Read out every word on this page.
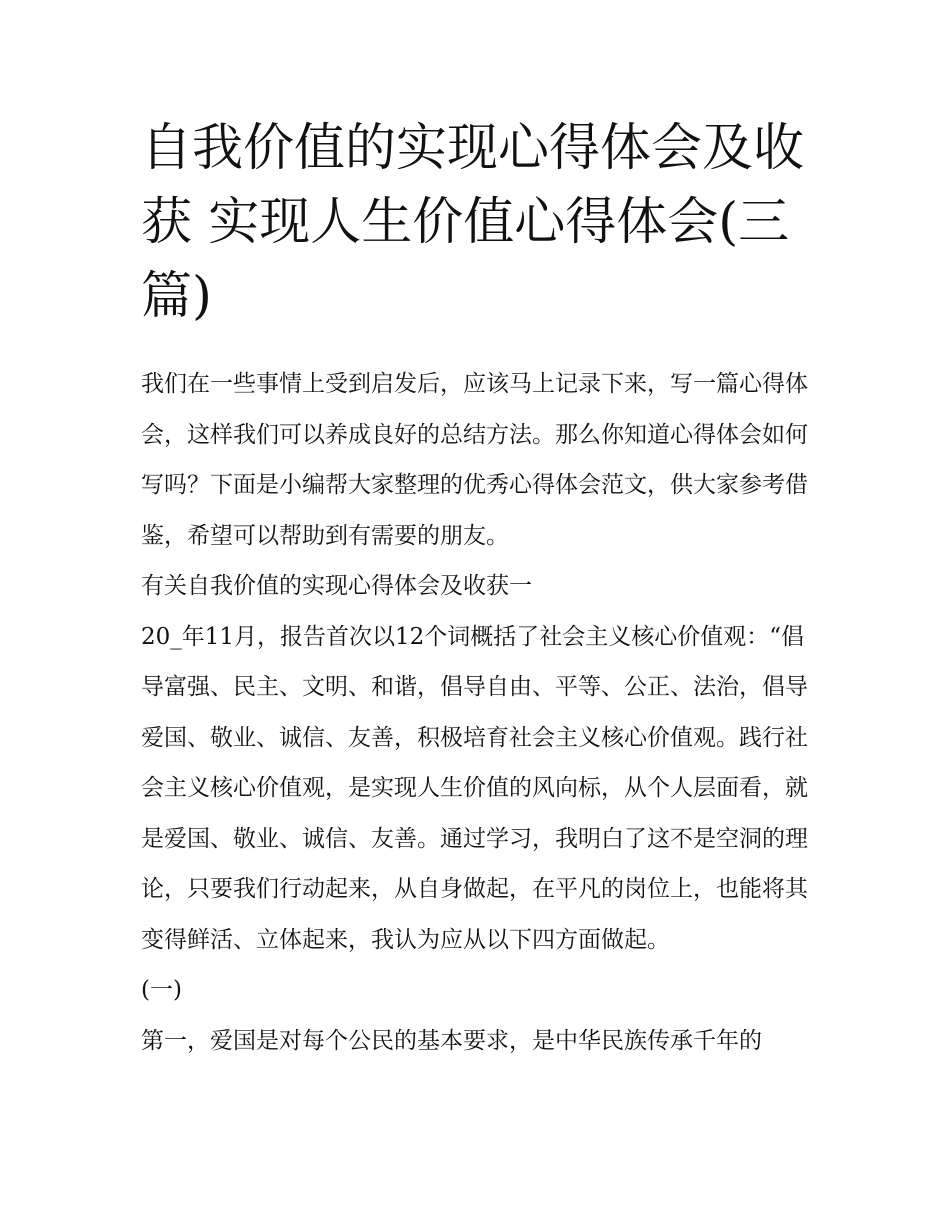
自我价值的实现心得体会及收获 实现人生价值心得体会(三篇)

我们在一些事情上受到启发后，应该马上记录下来，写一篇心得体会，这样我们可以养成良好的总结方法。那么你知道心得体会如何写吗？下面是小编帮大家整理的优秀心得体会范文，供大家参考借鉴，希望可以帮助到有需要的朋友。

有关自我价值的实现心得体会及收获一

20_年11月，报告首次以12个词概括了社会主义核心价值观：“倡导富强、民主、文明、和谐，倡导自由、平等、公正、法治，倡导爱国、敬业、诚信、友善，积极培育社会主义核心价值观。践行社会主义核心价值观，是实现人生价值的风向标，从个人层面看，就是爱国、敬业、诚信、友善。通过学习，我明白了这不是空洞的理论，只要我们行动起来，从自身做起，在平凡的岗位上，也能将其变得鲜活、立体起来，我认为应从以下四方面做起。

(一)

第一，爱国是对每个公民的基本要求，是中华民族传承千年的
